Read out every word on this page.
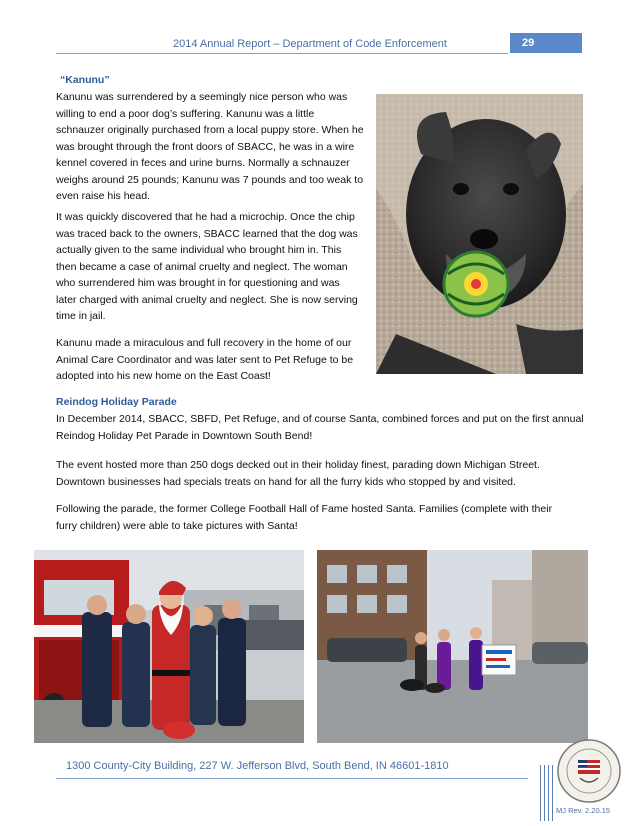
2014 Annual Report – Department of Code Enforcement	29
“Kanunu”
Kanunu was surrendered by a seemingly nice person who was
willing to end a poor dog’s suffering. Kanunu was a little
schnauzer originally purchased from a local puppy store. When he
was brought through the front doors of SBACC, he was in a wire
kennel covered in feces and urine burns. Normally a schnauzer
weighs around 25 pounds; Kanunu was 7 pounds and too weak to
even raise his head.
It was quickly discovered that he had a microchip. Once the chip
was traced back to the owners, SBACC learned that the dog was
actually given to the same individual who brought him in. This
then became a case of animal cruelty and neglect. The woman
who surrendered him was brought in for questioning and was
later charged with animal cruelty and neglect. She is now serving
time in jail.
Kanunu made a miraculous and full recovery in the home of our
Animal Care Coordinator and was later sent to Pet Refuge to be
adopted into his new home on the East Coast!
Reindog Holiday Parade
In December 2014, SBACC, SBFD, Pet Refuge, and of course Santa, combined forces and put on the first annual
Reindog Holiday Pet Parade in Downtown South Bend!
The event hosted more than 250 dogs decked out in their holiday finest, parading down Michigan Street.
Downtown businesses had specials treats on hand for all the furry kids who stopped by and visited.
Following the parade, the former College Football Hall of Fame hosted Santa. Families (complete with their
furry children) were able to take pictures with Santa!
1300 County-City Building, 227 W. Jefferson Blvd, South Bend, IN 46601-1810
MJ Rev. 2.20.15
